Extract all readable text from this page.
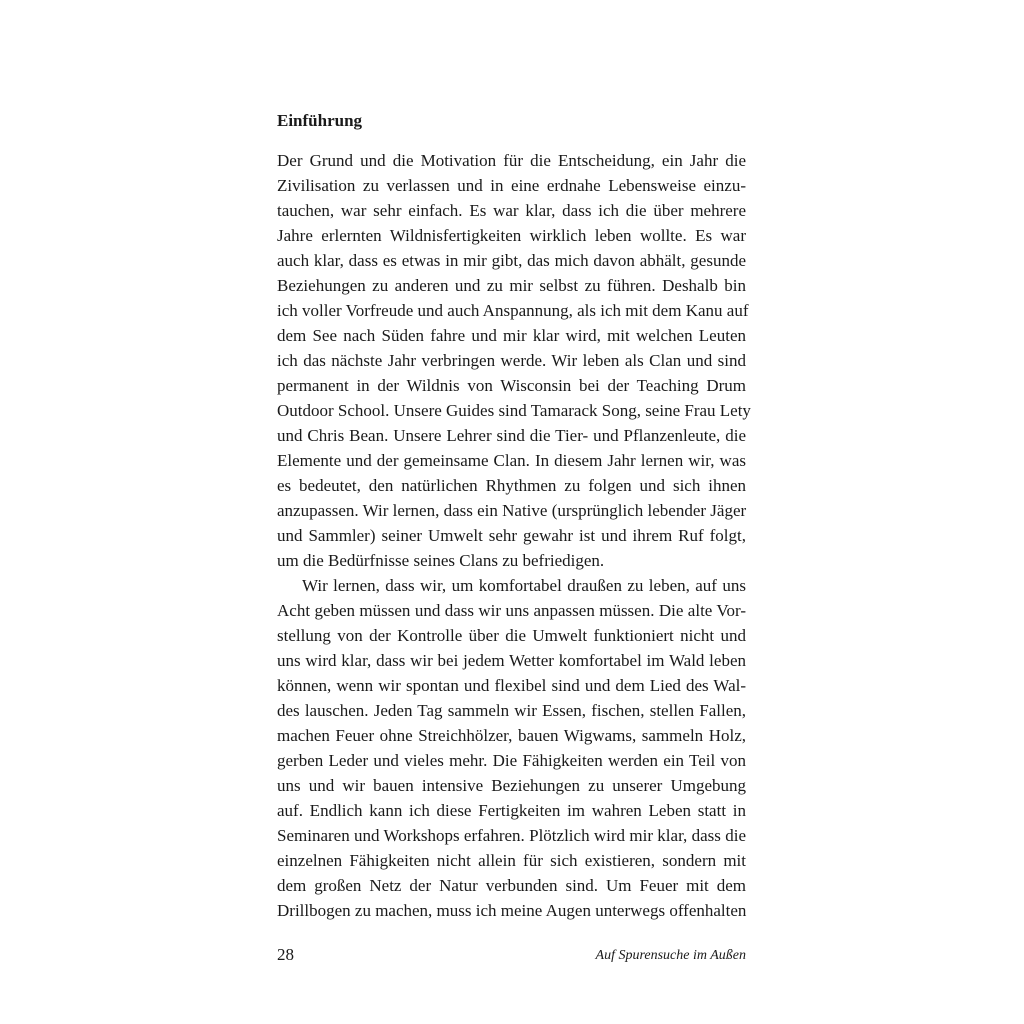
Einführung

Der Grund und die Motivation für die Entscheidung, ein Jahr die

Zivilisation zu verlassen und in eine erdnahe Lebensweise einzu-

tauchen, war sehr einfach. Es war klar, dass ich die über mehrere

Jahre erlernten Wildnisfertigkeiten wirklich leben wollte. Es war

auch klar, dass es etwas in mir gibt, das mich davon abhält, gesunde

Beziehungen zu anderen und zu mir selbst zu führen. Deshalb bin

ich voller Vorfreude und auch Anspannung, als ich mit dem Kanu auf

dem See nach Süden fahre und mir klar wird, mit welchen Leuten

ich das nächste Jahr verbringen werde. Wir leben als Clan und sind

permanent in der Wildnis von Wisconsin bei der Teaching Drum

Outdoor School. Unsere Guides sind Tamarack Song, seine Frau Lety

und Chris Bean. Unsere Lehrer sind die Tier- und Pflanzenleute, die

Elemente und der gemeinsame Clan. In diesem Jahr lernen wir, was

es bedeutet, den natürlichen Rhythmen zu folgen und sich ihnen

anzupassen. Wir lernen, dass ein Native (ursprünglich lebender Jäger

und Sammler) seiner Umwelt sehr gewahr ist und ihrem Ruf folgt,

um die Bedürfnisse seines Clans zu befriedigen.

Wir lernen, dass wir, um komfortabel draußen zu leben, auf uns

Acht geben müssen und dass wir uns anpassen müssen. Die alte Vor-

stellung von der Kontrolle über die Umwelt funktioniert nicht und

uns wird klar, dass wir bei jedem Wetter komfortabel im Wald leben

können, wenn wir spontan und flexibel sind und dem Lied des Wal-

des lauschen. Jeden Tag sammeln wir Essen, fischen, stellen Fallen,

machen Feuer ohne Streichhölzer, bauen Wigwams, sammeln Holz,

gerben Leder und vieles mehr. Die Fähigkeiten werden ein Teil von

uns und wir bauen intensive Beziehungen zu unserer Umgebung

auf. Endlich kann ich diese Fertigkeiten im wahren Leben statt in

Seminaren und Workshops erfahren. Plötzlich wird mir klar, dass die

einzelnen Fähigkeiten nicht allein für sich existieren, sondern mit

dem großen Netz der Natur verbunden sind. Um Feuer mit dem

Drillbogen zu machen, muss ich meine Augen unterwegs offenhalten

28	Auf Spurensuche im Außen
